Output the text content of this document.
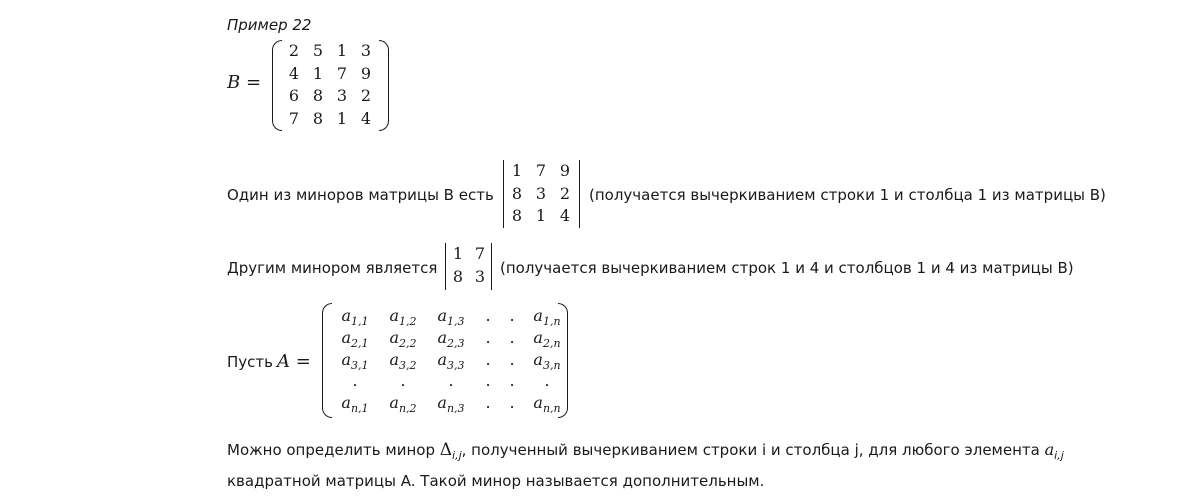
Пример 22
B =
2 5 1 3
4 1 7 9
6 8 3 2
7 8 1 4
Один из миноров матрицы B есть
1 7 9
8 3 2
8 1 4
(получается вычеркиванием строки 1 и столбца 1 из матрицы B)
Другим минором является
1 7
8 3 (получается вычеркиванием строк 1 и 4 и столбцов 1 и 4 из матрицы B)
Пусть A =
$a_{1,1}$	$a_{1,2}$	$a_{1,3}$	.	.	$a_{1,n}$
$a_{2,1}$	$a_{2,2}$	$a_{2,3}$	.	.	$a_{2,n}$
$a_{3,1}$	$a_{3,2}$	$a_{3,3}$	.	.	$a_{3,n}$
.	.	.	.	.	.
$a_{n,1}$	$a_{n,2}$	$a_{n,3}$	.	.	$a_{n,n}$
Можно определить минор $\Delta_{i,j}$, полученный вычеркиванием строки i и столбца j, для любого элемента $a_{i,j}$
квадратной матрицы A. Такой минор называется дополнительным.
